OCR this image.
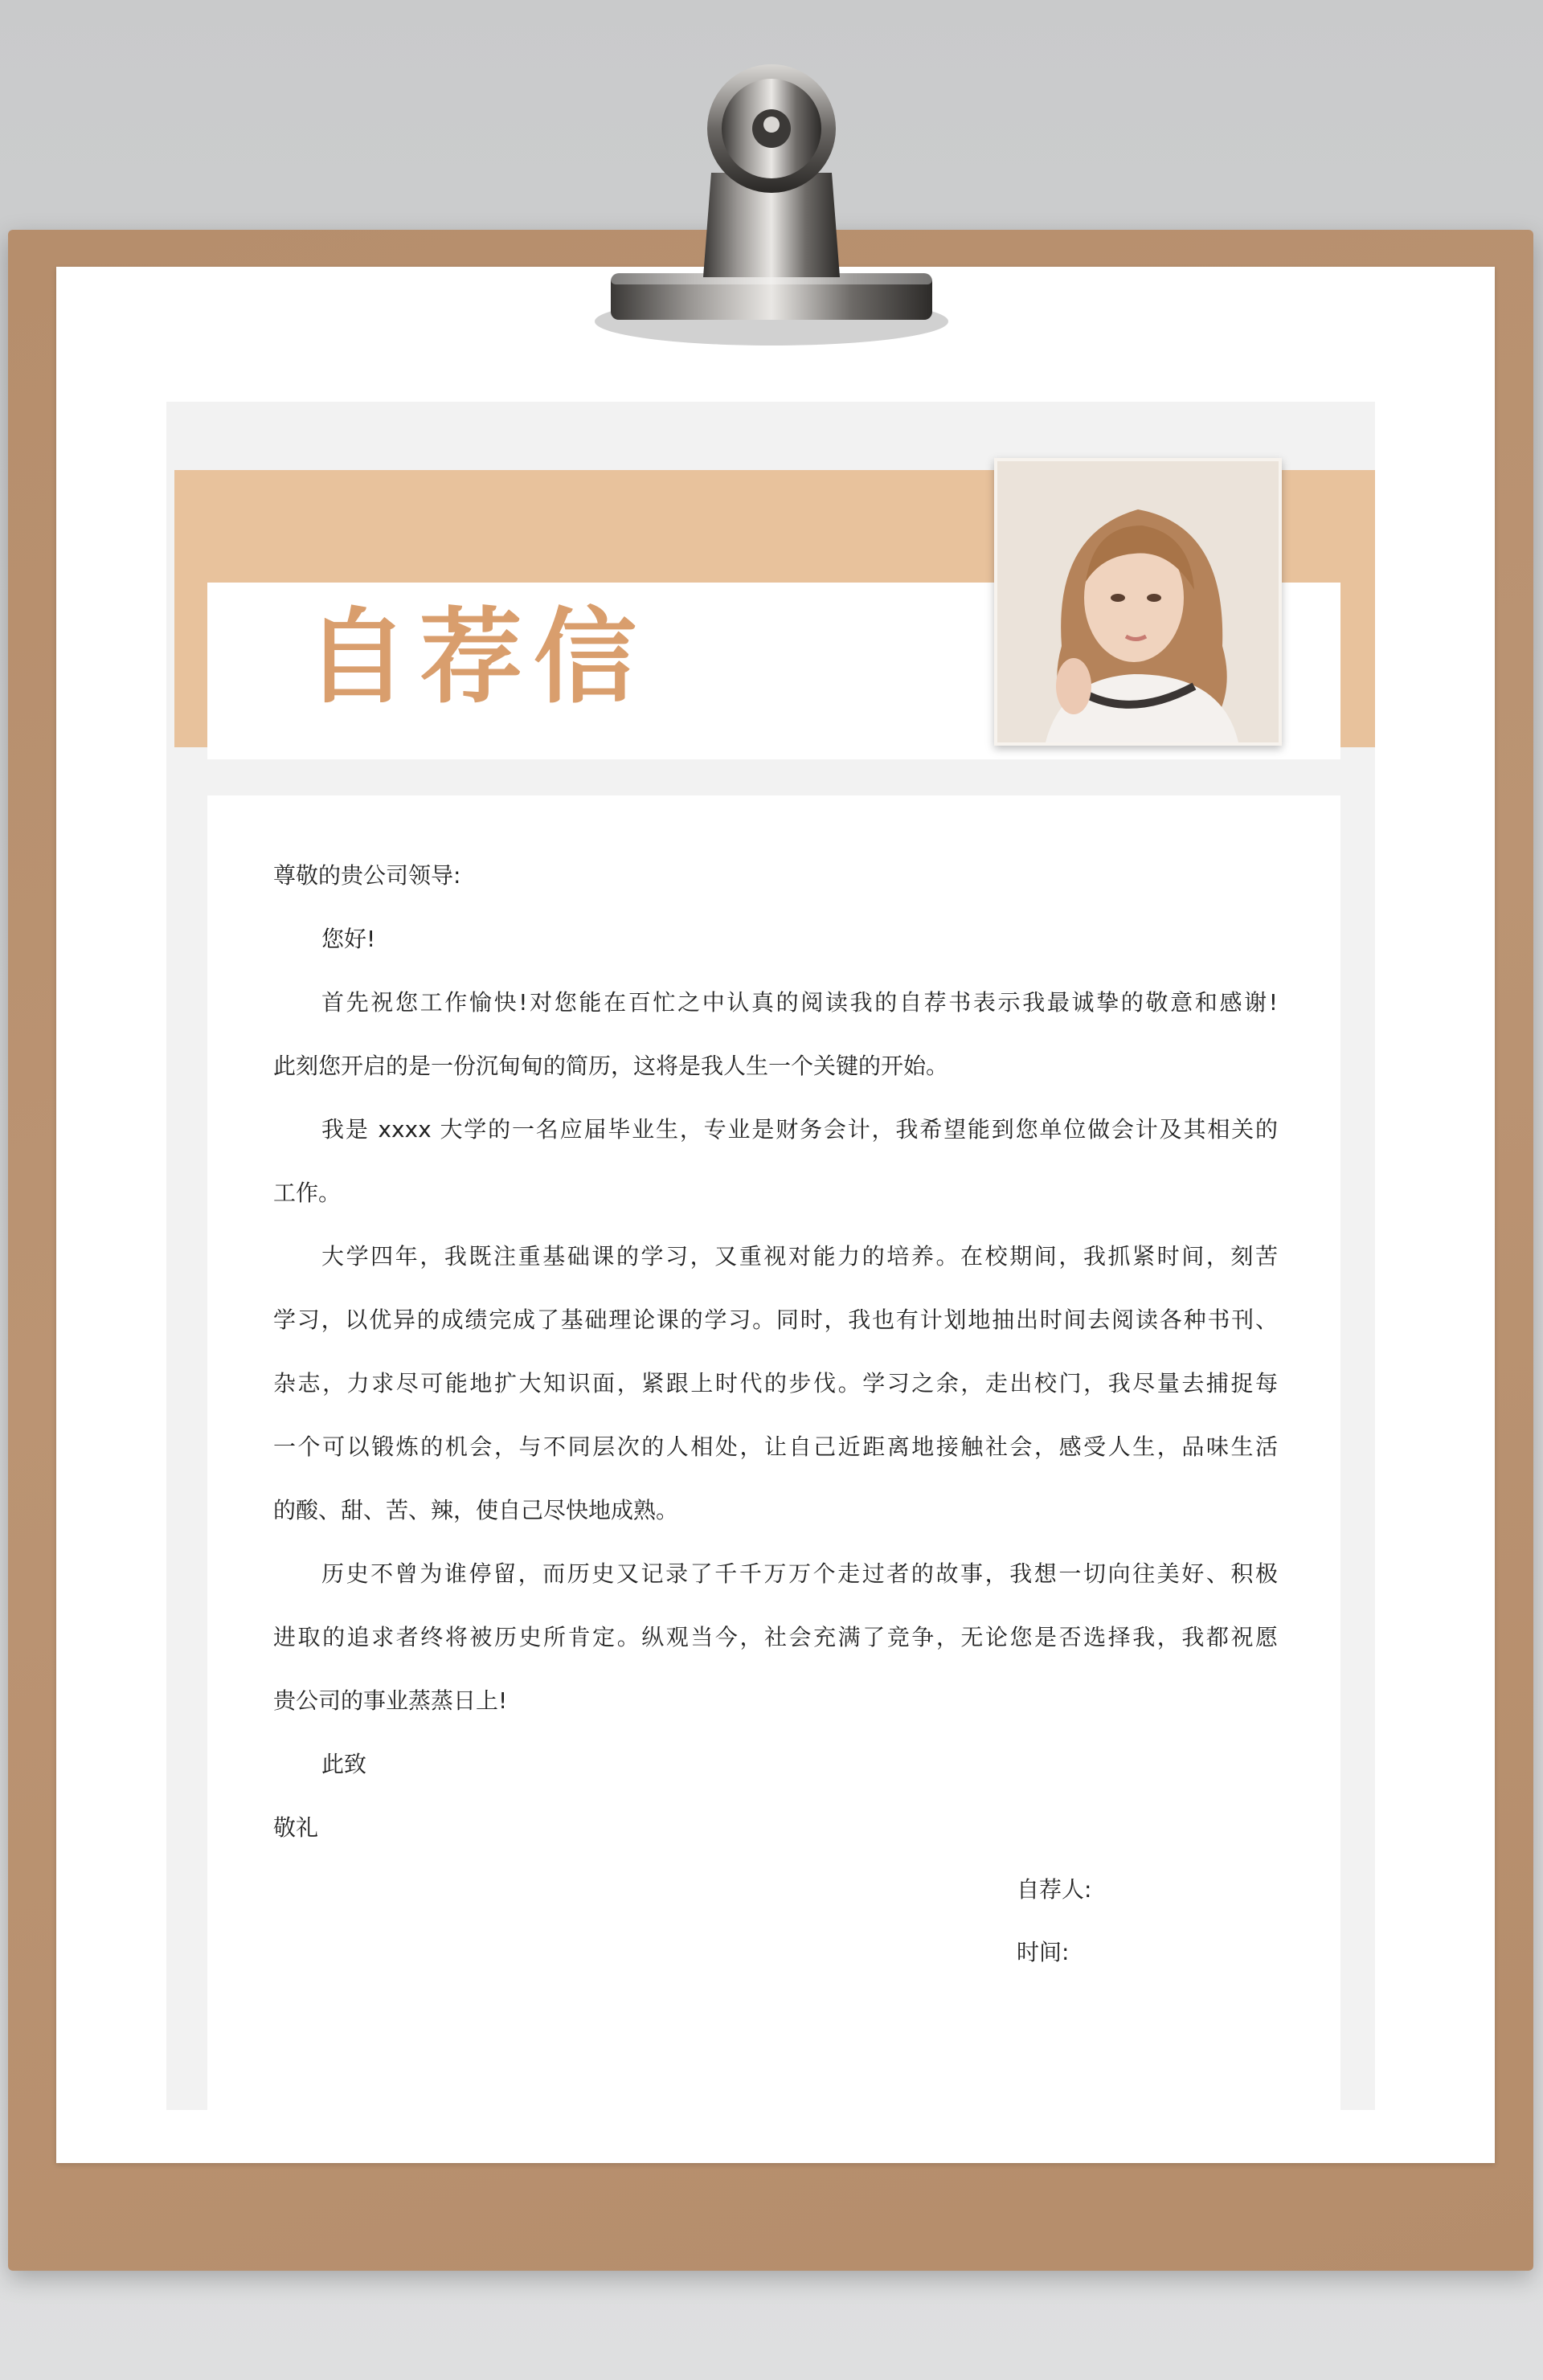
自荐信
尊敬的贵公司领导:
您好!
首先祝您工作愉快!对您能在百忙之中认真的阅读我的自荐书表示我最诚挚的敬意和感谢!
此刻您开启的是一份沉甸甸的简历，这将是我人生一个关键的开始。
我是 xxxx 大学的一名应届毕业生，专业是财务会计，我希望能到您单位做会计及其相关的
工作。
大学四年，我既注重基础课的学习，又重视对能力的培养。在校期间，我抓紧时间，刻苦
学习，以优异的成绩完成了基础理论课的学习。同时，我也有计划地抽出时间去阅读各种书刊、
杂志，力求尽可能地扩大知识面，紧跟上时代的步伐。学习之余，走出校门，我尽量去捕捉每
一个可以锻炼的机会，与不同层次的人相处，让自己近距离地接触社会，感受人生，品味生活
的酸、甜、苦、辣，使自己尽快地成熟。
历史不曾为谁停留，而历史又记录了千千万万个走过者的故事，我想一切向往美好、积极
进取的追求者终将被历史所肯定。纵观当今，社会充满了竞争，无论您是否选择我，我都祝愿
贵公司的事业蒸蒸日上!
此致
敬礼
自荐人:
时间:
